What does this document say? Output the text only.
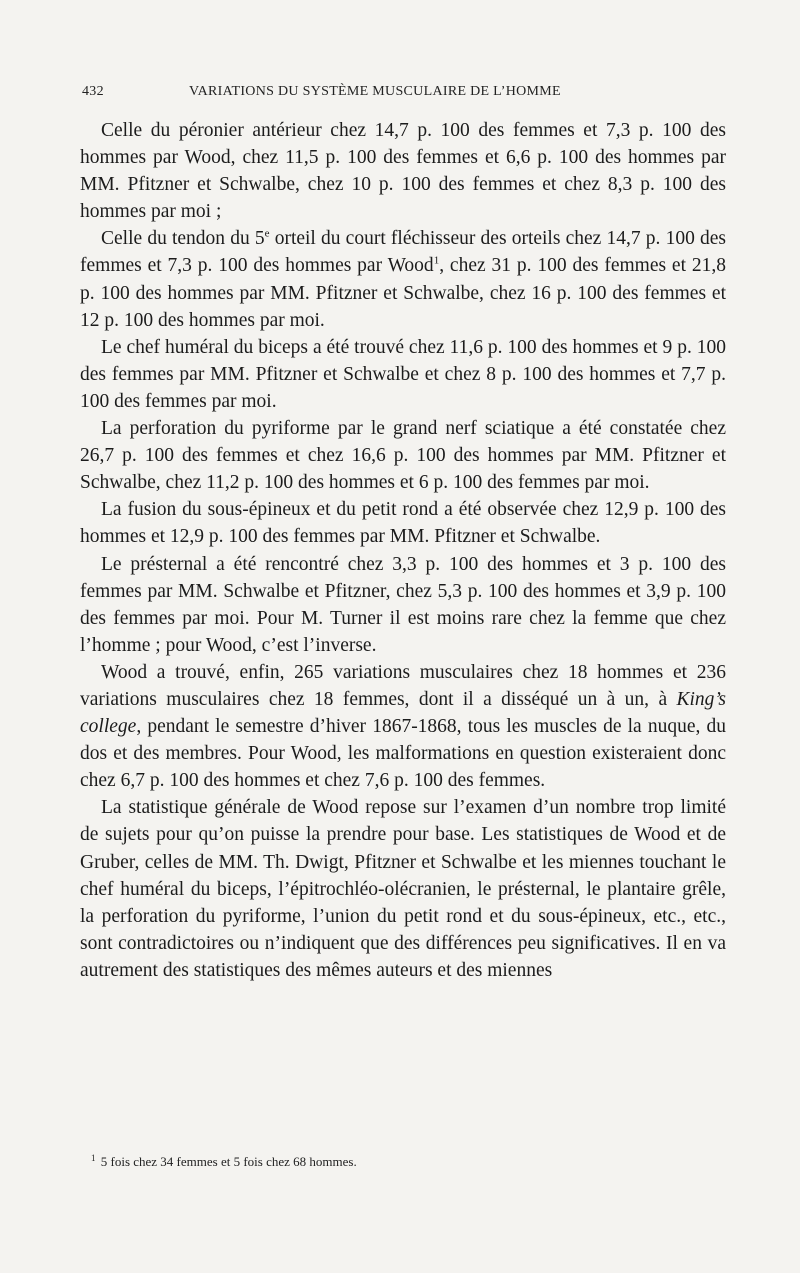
432	VARIATIONS DU SYSTÈME MUSCULAIRE DE L’HOMME

Celle du péronier antérieur chez 14,7 p. 100 des femmes et 7,3 p. 100 des hommes par Wood, chez 11,5 p. 100 des femmes et 6,6 p. 100 des hommes par MM. Pfitzner et Schwalbe, chez 10 p. 100 des femmes et chez 8,3 p. 100 des hommes par moi ;

Celle du tendon du 5e orteil du court fléchisseur des orteils chez 14,7 p. 100 des femmes et 7,3 p. 100 des hommes par Wood$^1$, chez 31 p. 100 des femmes et 21,8 p. 100 des hommes par MM. Pfitzner et Schwalbe, chez 16 p. 100 des femmes et 12 p. 100 des hommes par moi.

Le chef huméral du biceps a été trouvé chez 11,6 p. 100 des hommes et 9 p. 100 des femmes par MM. Pfitzner et Schwalbe et chez 8 p. 100 des hommes et 7,7 p. 100 des femmes par moi.

La perforation du pyriforme par le grand nerf sciatique a été constatée chez 26,7 p. 100 des femmes et chez 16,6 p. 100 des hommes par MM. Pfitzner et Schwalbe, chez 11,2 p. 100 des hommes et 6 p. 100 des femmes par moi.

La fusion du sous-épineux et du petit rond a été observée chez 12,9 p. 100 des hommes et 12,9 p. 100 des femmes par MM. Pfitzner et Schwalbe.

Le présternal a été rencontré chez 3,3 p. 100 des hommes et 3 p. 100 des femmes par MM. Schwalbe et Pfitzner, chez 5,3 p. 100 des hommes et 3,9 p. 100 des femmes par moi. Pour M. Turner il est moins rare chez la femme que chez l’homme ; pour Wood, c’est l’inverse.

Wood a trouvé, enfin, 265 variations musculaires chez 18 hommes et 236 variations musculaires chez 18 femmes, dont il a disséqué un à un, à King’s college, pendant le semestre d’hiver 1867-1868, tous les muscles de la nuque, du dos et des membres. Pour Wood, les malformations en question existeraient donc chez 6,7 p. 100 des hommes et chez 7,6 p. 100 des femmes.

La statistique générale de Wood repose sur l’examen d’un nombre trop limité de sujets pour qu’on puisse la prendre pour base. Les statistiques de Wood et de Gruber, celles de MM. Th. Dwigt, Pfitzner et Schwalbe et les miennes touchant le chef huméral du biceps, l’épitrochléo-olécranien, le présternal, le plantaire grêle, la perforation du pyriforme, l’union du petit rond et du sous-épineux, etc., etc., sont contradictoires ou n’indiquent que des différences peu significatives. Il en va autrement des statistiques des mêmes auteurs et des miennes

$^1$ 5 fois chez 34 femmes et 5 fois chez 68 hommes.
